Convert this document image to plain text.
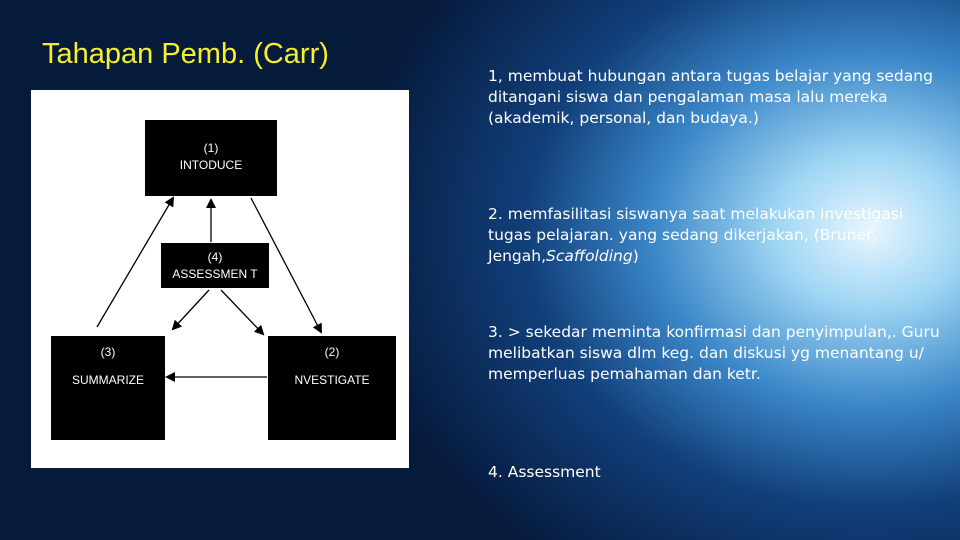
Tahapan Pemb. (Carr)
(1)
INTODUCE
(4)
ASSESSMEN T
(3)
SUMMARIZE
(2)
NVESTIGATE

1, membuat hubungan antara tugas belajar yang sedang ditangani siswa dan pengalaman masa lalu mereka (akademik, personal, dan budaya.)

2. memfasilitasi siswanya saat melakukan investigasi tugas pelajaran. yang sedang dikerjakan, (Bruner, Jengah,Scaffolding)

3. > sekedar meminta konfirmasi dan penyimpulan,. Guru melibatkan siswa dlm keg. dan diskusi yg menantang u/ memperluas pemahaman dan ketr.

4. Assessment
